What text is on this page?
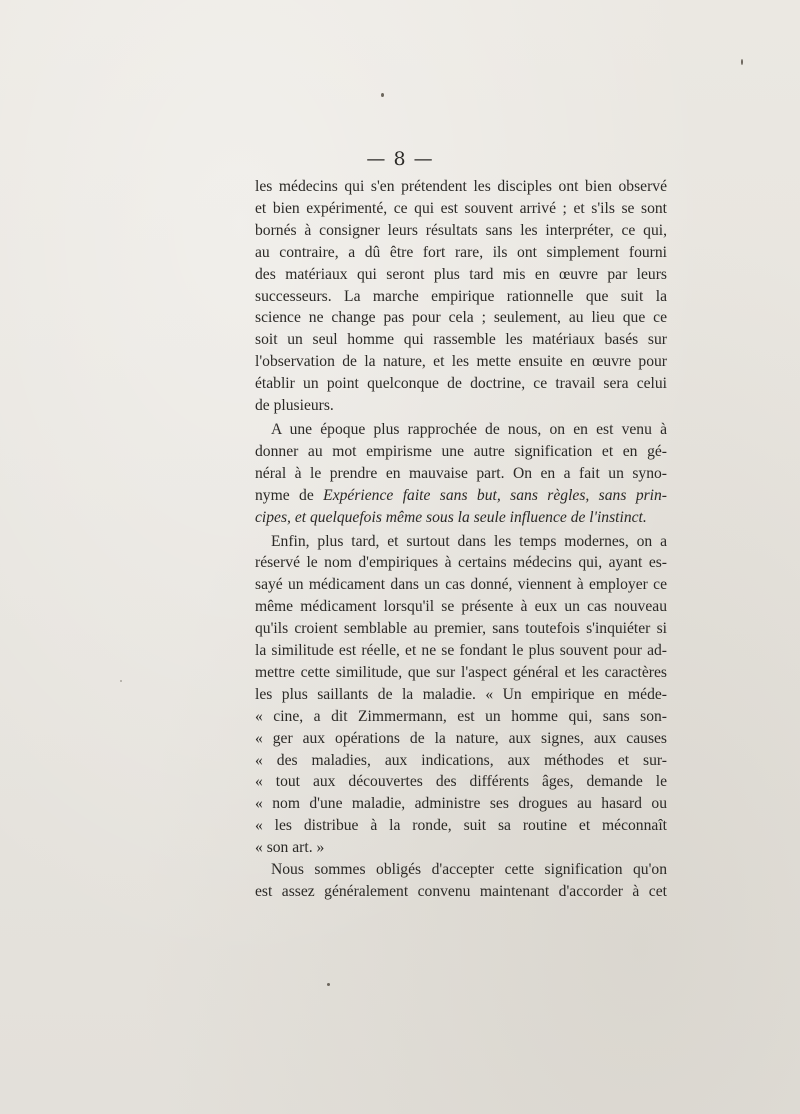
— 8 —

les médecins qui s'en prétendent les disciples ont bien observé

et bien expérimenté, ce qui est souvent arrivé ; et s'ils se sont

bornés à consigner leurs résultats sans les interpréter, ce qui,

au contraire, a dû être fort rare, ils ont simplement fourni

des matériaux qui seront plus tard mis en œuvre par leurs

successeurs. La marche empirique rationnelle que suit la

science ne change pas pour cela ; seulement, au lieu que ce

soit un seul homme qui rassemble les matériaux basés sur

l'observation de la nature, et les mette ensuite en œuvre pour

établir un point quelconque de doctrine, ce travail sera celui

de plusieurs.

A une époque plus rapprochée de nous, on en est venu à

donner au mot empirisme une autre signification et en gé-

néral à le prendre en mauvaise part. On en a fait un syno-

nyme de Expérience faite sans but, sans règles, sans prin-

cipes, et quelquefois même sous la seule influence de l'instinct.

Enfin, plus tard, et surtout dans les temps modernes, on a

réservé le nom d'empiriques à certains médecins qui, ayant es-

sayé un médicament dans un cas donné, viennent à employer ce

même médicament lorsqu'il se présente à eux un cas nouveau

qu'ils croient semblable au premier, sans toutefois s'inquiéter si

la similitude est réelle, et ne se fondant le plus souvent pour ad-

mettre cette similitude, que sur l'aspect général et les caractères

les plus saillants de la maladie. « Un empirique en méde-

« cine, a dit Zimmermann, est un homme qui, sans son-

« ger aux opérations de la nature, aux signes, aux causes

« des maladies, aux indications, aux méthodes et sur-

« tout aux découvertes des différents âges, demande le

« nom d'une maladie, administre ses drogues au hasard ou

« les distribue à la ronde, suit sa routine et méconnaît

« son art. »

Nous sommes obligés d'accepter cette signification qu'on

est assez généralement convenu maintenant d'accorder à cet
